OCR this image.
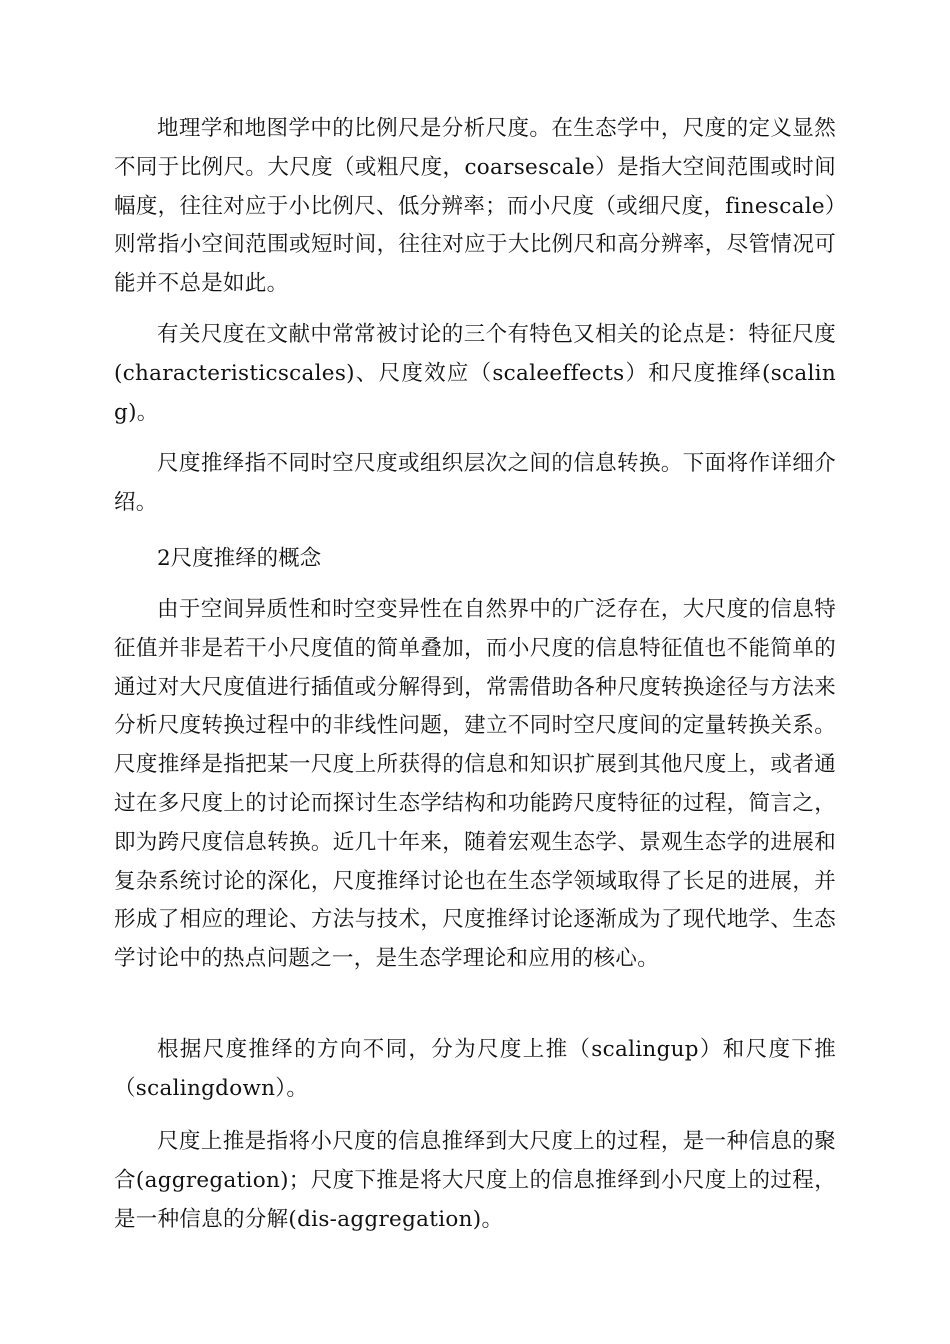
地理学和地图学中的比例尺是分析尺度。在生态学中，尺度的定义显然不同于比例尺。大尺度（或粗尺度，coarsescale）是指大空间范围或时间幅度，往往对应于小比例尺、低分辨率；而小尺度（或细尺度，finescale）则常指小空间范围或短时间，往往对应于大比例尺和高分辨率，尽管情况可能并不总是如此。

有关尺度在文献中常常被讨论的三个有特色又相关的论点是：特征尺度(characteristicscales)、尺度效应（scaleeffects）和尺度推绎(scaling)。

尺度推绎指不同时空尺度或组织层次之间的信息转换。下面将作详细介绍。

2尺度推绎的概念

由于空间异质性和时空变异性在自然界中的广泛存在，大尺度的信息特征值并非是若干小尺度值的简单叠加，而小尺度的信息特征值也不能简单的通过对大尺度值进行插值或分解得到，常需借助各种尺度转换途径与方法来分析尺度转换过程中的非线性问题，建立不同时空尺度间的定量转换关系。尺度推绎是指把某一尺度上所获得的信息和知识扩展到其他尺度上，或者通过在多尺度上的讨论而探讨生态学结构和功能跨尺度特征的过程，简言之，即为跨尺度信息转换。近几十年来，随着宏观生态学、景观生态学的进展和复杂系统讨论的深化，尺度推绎讨论也在生态学领域取得了长足的进展，并形成了相应的理论、方法与技术，尺度推绎讨论逐渐成为了现代地学、生态学讨论中的热点问题之一，是生态学理论和应用的核心。

根据尺度推绎的方向不同，分为尺度上推（scalingup）和尺度下推（scalingdown）。

尺度上推是指将小尺度的信息推绎到大尺度上的过程，是一种信息的聚合(aggregation)；尺度下推是将大尺度上的信息推绎到小尺度上的过程，是一种信息的分解(dis-aggregation)。
